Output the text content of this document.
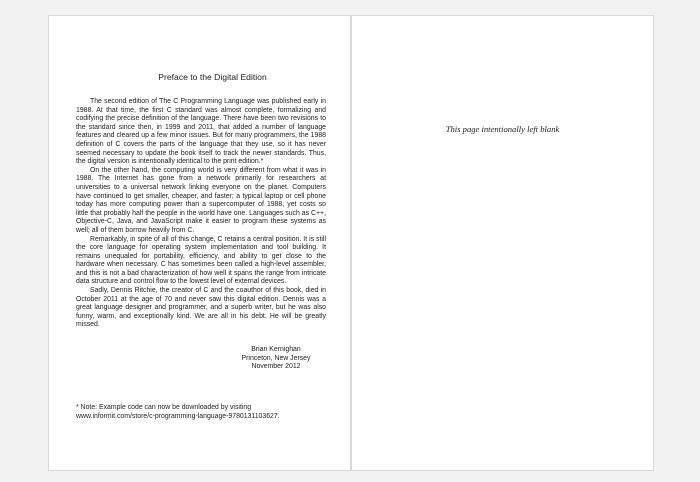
Preface to the Digital Edition

The second edition of The C Programming Language was published early in 1988. At that time, the first C standard was almost complete, formalizing and codifying the precise definition of the language. There have been two revisions to the standard since then, in 1999 and 2011, that added a number of language features and cleared up a few minor issues. But for many programmers, the 1988 definition of C covers the parts of the language that they use, so it has never seemed necessary to update the book itself to track the newer standards. Thus, the digital version is intentionally identical to the print edition.*

On the other hand, the computing world is very different from what it was in 1988. The Internet has gone from a network primarily for researchers at universities to a universal network linking everyone on the planet. Computers have continued to get smaller, cheaper, and faster; a typical laptop or cell phone today has more computing power than a supercomputer of 1988, yet costs so little that probably half the people in the world have one. Languages such as C++, Objective-C, Java, and JavaScript make it easier to program these systems as well; all of them borrow heavily from C.

Remarkably, in spite of all of this change, C retains a central position. It is still the core language for operating system implementation and tool building. It remains unequaled for portability, efficiency, and ability to get close to the hardware when necessary. C has sometimes been called a high-level assembler, and this is not a bad characterization of how well it spans the range from intricate data structure and control flow to the lowest level of external devices.

Sadly, Dennis Ritchie, the creator of C and the coauthor of this book, died in October 2011 at the age of 70 and never saw this digital edition. Dennis was a great language designer and programmer, and a superb writer, but he was also funny, warm, and exceptionally kind. We are all in his debt. He will be greatly missed.

Brian Kernighan
Princeton, New Jersey
November 2012
* Note: Example code can now be downloaded by visiting
www.informit.com/store/c-programming-language-9780131103627.
This page intentionally left blank
